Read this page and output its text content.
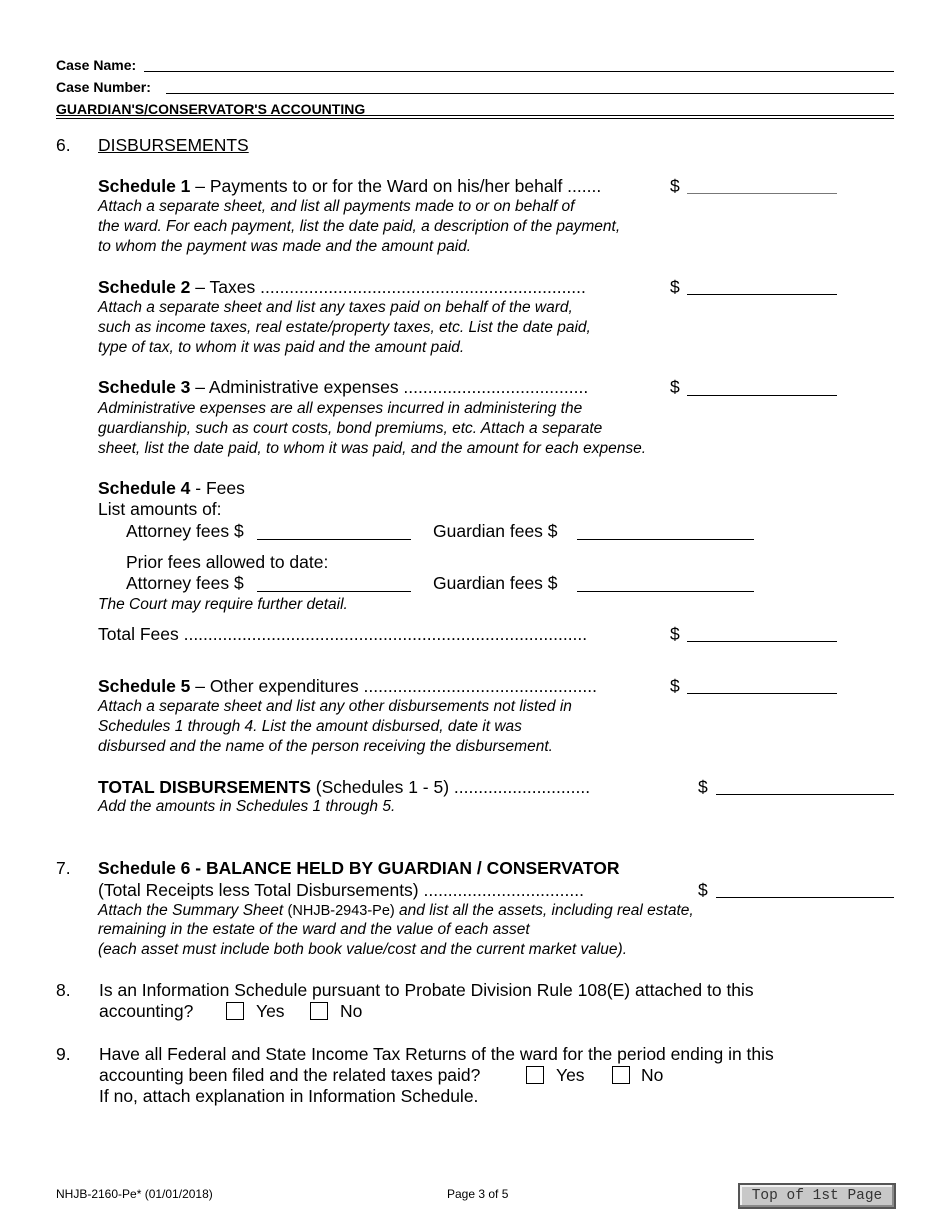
Case Name:
Case Number:
GUARDIAN'S/CONSERVATOR'S ACCOUNTING
6. DISBURSEMENTS
Schedule 1 – Payments to or for the Ward on his/her behalf .......	$
Attach a separate sheet, and list all payments made to or on behalf of
the ward. For each payment, list the date paid, a description of the payment,
to whom the payment was made and the amount paid.
Schedule 2 – Taxes ...................................................................	$
Attach a separate sheet and list any taxes paid on behalf of the ward,
such as income taxes, real estate/property taxes, etc. List the date paid,
type of tax, to whom it was paid and the amount paid.
Schedule 3 – Administrative expenses ......................................	$
Administrative expenses are all expenses incurred in administering the
guardianship, such as court costs, bond premiums, etc. Attach a separate
sheet, list the date paid, to whom it was paid, and the amount for each expense.
Schedule 4 - Fees
List amounts of:
Attorney fees $	Guardian fees $
Prior fees allowed to date:
Attorney fees $	Guardian fees $
The Court may require further detail.
Total Fees ...................................................................................	$
Schedule 5 – Other expenditures ................................................	$
Attach a separate sheet and list any other disbursements not listed in
Schedules 1 through 4. List the amount disbursed, date it was
disbursed and the name of the person receiving the disbursement.
TOTAL DISBURSEMENTS (Schedules 1 - 5) ............................	$
Add the amounts in Schedules 1 through 5.
7. Schedule 6 - BALANCE HELD BY GUARDIAN / CONSERVATOR
(Total Receipts less Total Disbursements) .................................	$
Attach the Summary Sheet (NHJB-2943-Pe) and list all the assets, including real estate,
remaining in the estate of the ward and the value of each asset
(each asset must include both book value/cost and the current market value).
8. Is an Information Schedule pursuant to Probate Division Rule 108(E) attached to this
accounting?	Yes	No
9. Have all Federal and State Income Tax Returns of the ward for the period ending in this
accounting been filed and the related taxes paid?	Yes	No
If no, attach explanation in Information Schedule.
NHJB-2160-Pe* (01/01/2018)	Page 3 of 5	Top of 1st Page
